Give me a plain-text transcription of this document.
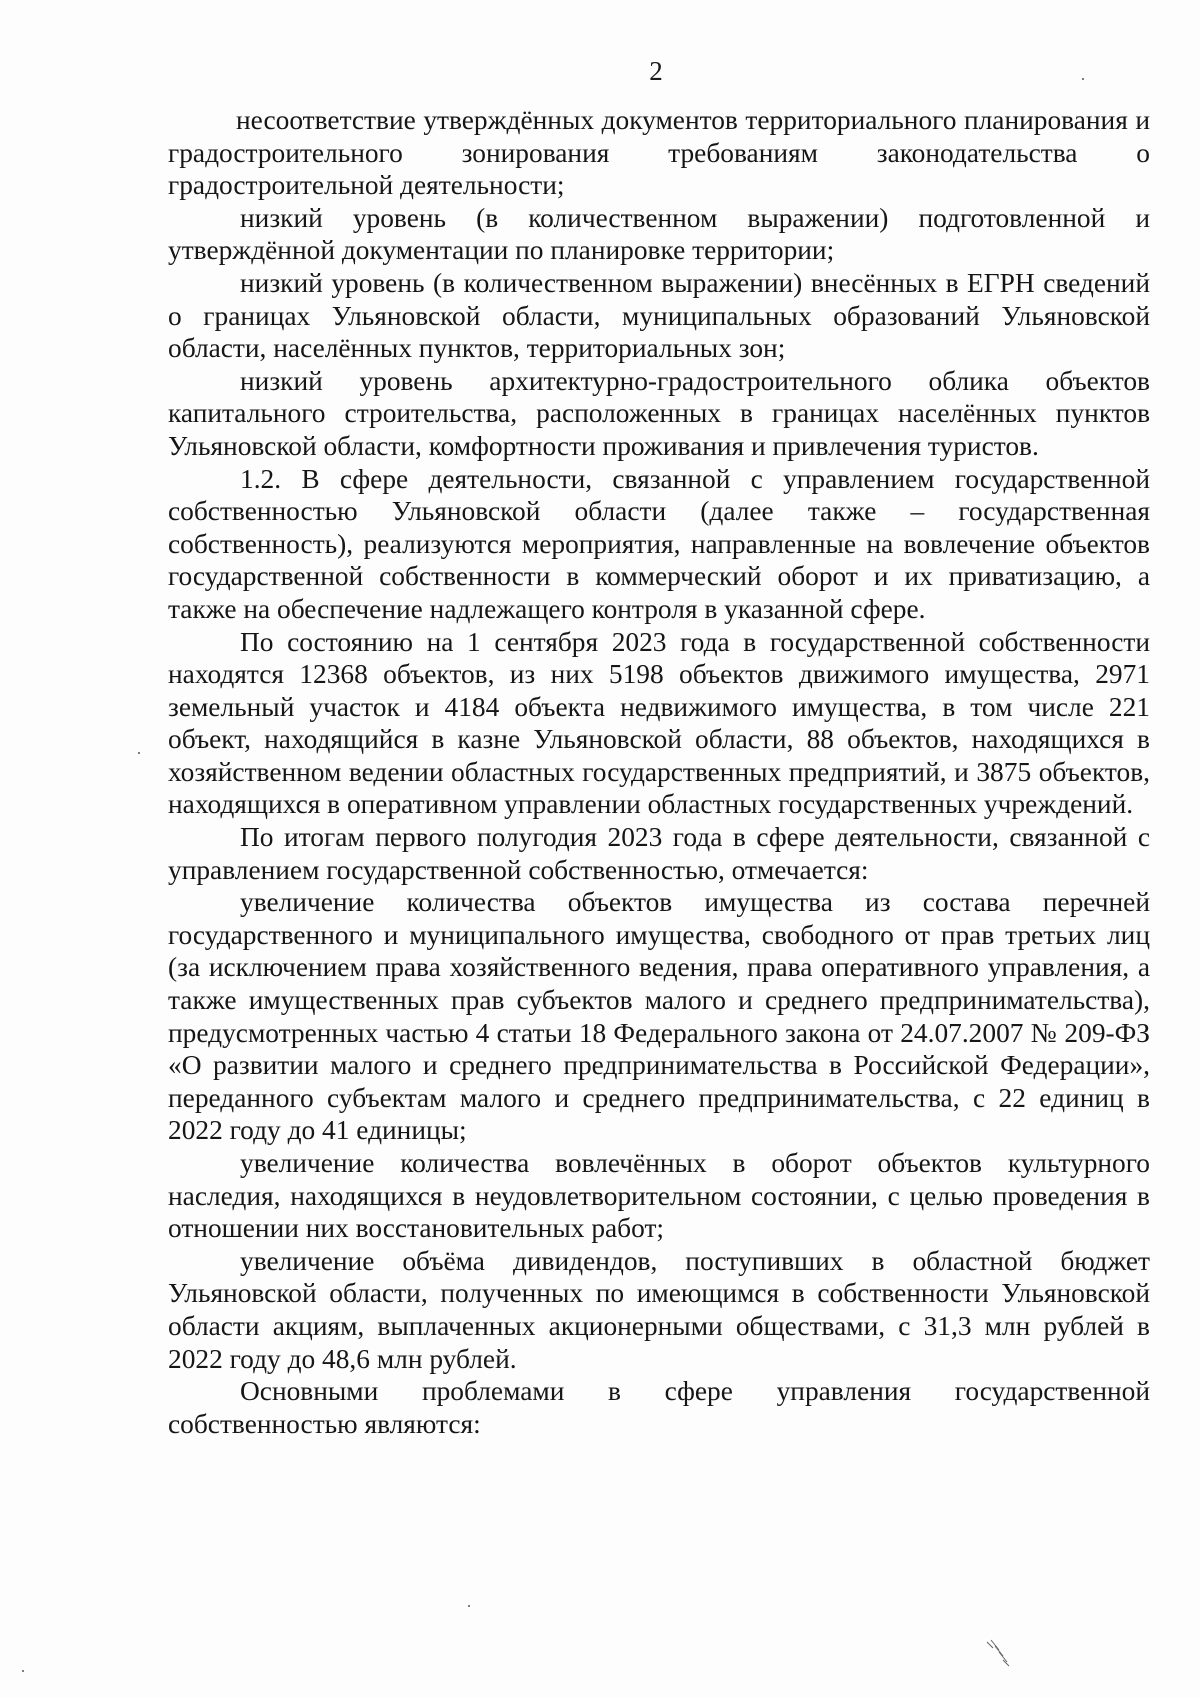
2

несоответствие утверждённых документов территориального планирования и градостроительного зонирования требованиям законодательства о градостроительной деятельности;

низкий уровень (в количественном выражении) подготовленной и утверждённой документации по планировке территории;

низкий уровень (в количественном выражении) внесённых в ЕГРН сведений о границах Ульяновской области, муниципальных образований Ульяновской области, населённых пунктов, территориальных зон;

низкий уровень архитектурно-градостроительного облика объектов капитального строительства, расположенных в границах населённых пунктов Ульяновской области, комфортности проживания и привлечения туристов.

1.2. В сфере деятельности, связанной с управлением государственной собственностью Ульяновской области (далее также – государственная собственность), реализуются мероприятия, направленные на вовлечение объектов государственной собственности в коммерческий оборот и их приватизацию, а также на обеспечение надлежащего контроля в указанной сфере.

По состоянию на 1 сентября 2023 года в государственной собственности находятся 12368 объектов, из них 5198 объектов движимого имущества, 2971 земельный участок и 4184 объекта недвижимого имущества, в том числе 221 объект, находящийся в казне Ульяновской области, 88 объектов, находящихся в хозяйственном ведении областных государственных предприятий, и 3875 объектов, находящихся в оперативном управлении областных государственных учреждений.

По итогам первого полугодия 2023 года в сфере деятельности, связанной с управлением государственной собственностью, отмечается:

увеличение количества объектов имущества из состава перечней государственного и муниципального имущества, свободного от прав третьих лиц (за исключением права хозяйственного ведения, права оперативного управления, а также имущественных прав субъектов малого и среднего предпринимательства), предусмотренных частью 4 статьи 18 Федерального закона от 24.07.2007 № 209-ФЗ «О развитии малого и среднего предпринимательства в Российской Федерации», переданного субъектам малого и среднего предпринимательства, с 22 единиц в 2022 году до 41 единицы;

увеличение количества вовлечённых в оборот объектов культурного наследия, находящихся в неудовлетворительном состоянии, с целью проведения в отношении них восстановительных работ;

увеличение объёма дивидендов, поступивших в областной бюджет Ульяновской области, полученных по имеющимся в собственности Ульяновской области акциям, выплаченных акционерными обществами, с 31,3 млн рублей в 2022 году до 48,6 млн рублей.

Основными проблемами в сфере управления государственной собственностью являются:
